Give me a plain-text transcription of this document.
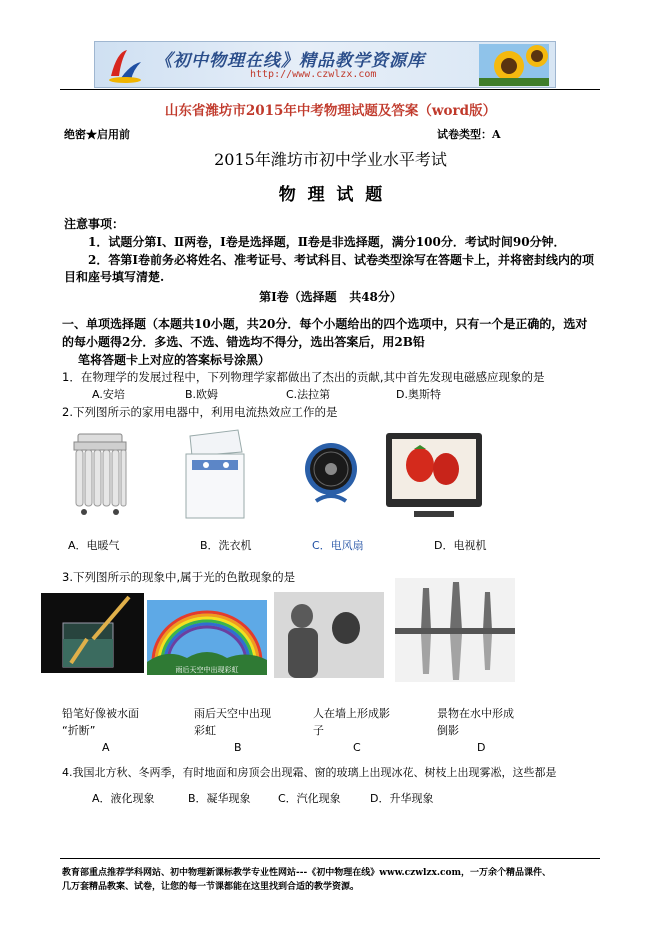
《初中物理在线》精品教学资源库
http://www.czwlzx.com
山东省潍坊市2015年中考物理试题及答案（word版）
绝密★启用前	试卷类型：A
2015年潍坊市初中学业水平考试
物  理  试  题
注意事项：
1．试题分第Ⅰ、Ⅱ两卷，Ⅰ卷是选择题，Ⅱ卷是非选择题，满分100分．考试时间90分钟．
2．答第Ⅰ卷前务必将姓名、准考证号、考试科目、试卷类型涂写在答题卡上，并将密封线内的项
目和座号填写清楚.
第Ⅰ卷（选择题   共48分）
一、单项选择题（本题共10小题，共20分．每个小题给出的四个选项中，只有一个是正确的，选对
的每小题得2分．多选、不选、错选均不得分，选出答案后，用2B铅
笔将答题卡上对应的答案标号涂黑）
1．在物理学的发展过程中，下列物理学家都做出了杰出的贡献,其中首先发现电磁感应现象的是
A.安培	B.欧姆	C.法拉第	D.奥斯特
2.下列图所示的家用电器中，利用电流热效应工作的是
A．电暖气	B．洗衣机	C．电风扇	D．电视机
3.下列图所示的现象中,属于光的色散现象的是
雨后天空中出现彩虹
铅笔好像被水面
“折断”
雨后天空中出现
彩虹
人在墙上形成影
子
景物在水中形成
倒影
A	B	C	D
4.我国北方秋、冬两季，有时地面和房顶会出现霜、窗的玻璃上出现冰花、树枝上出现雾凇，这些都是
A．液化现象	B．凝华现象 C．汽化现象	D．升华现象
教育部重点推荐学科网站、初中物理新课标教学专业性网站---《初中物理在线》www.czwlzx.com，一万余个精品课件、
几万套精品教案、试卷，让您的每一节课都能在这里找到合适的教学资源。
